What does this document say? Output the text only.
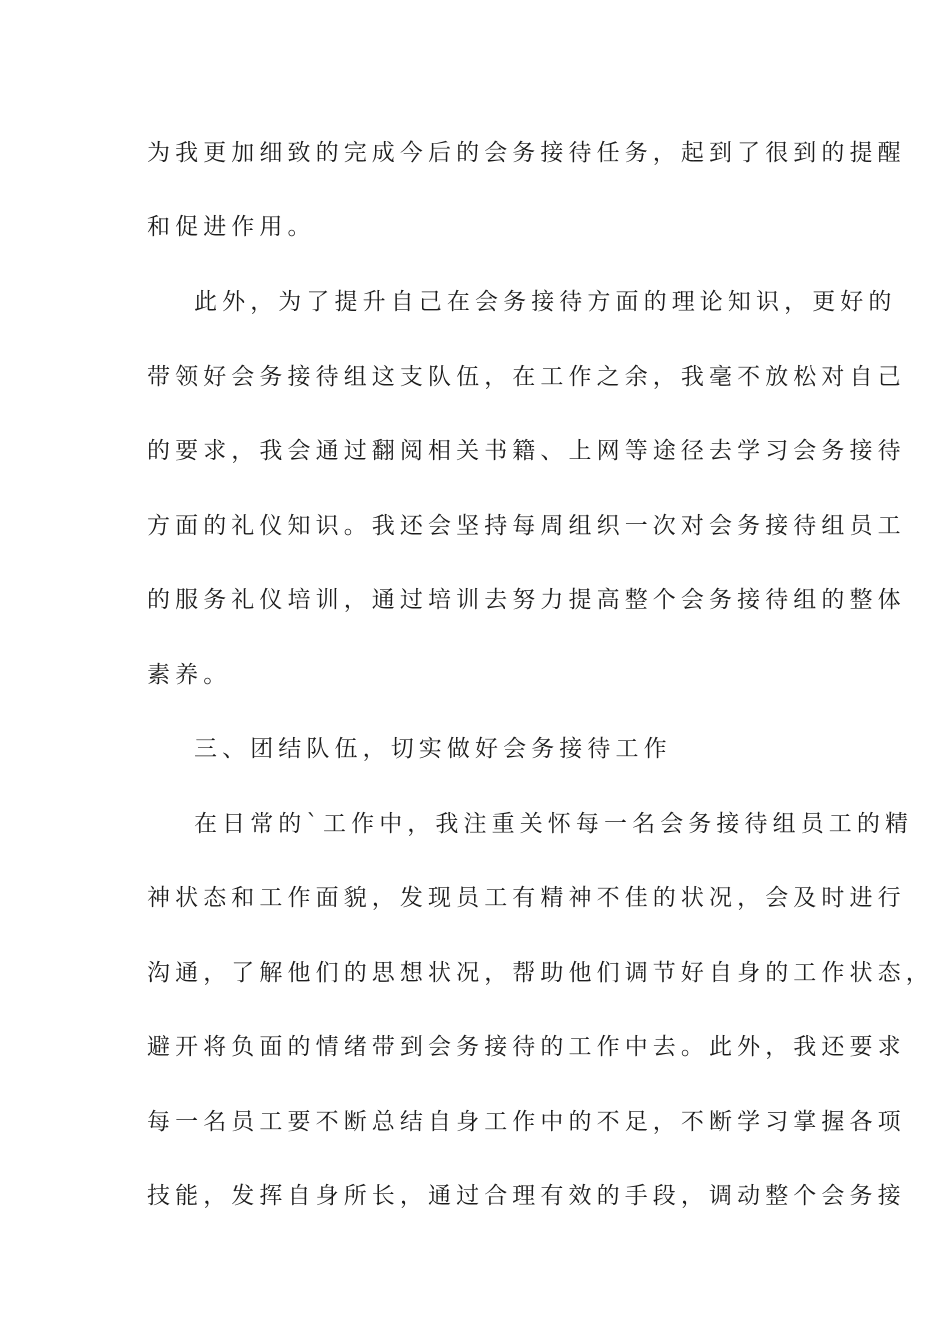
为我更加细致的完成今后的会务接待任务，起到了很到的提醒
和促进作用。
此外，为了提升自己在会务接待方面的理论知识，更好的
带领好会务接待组这支队伍，在工作之余，我毫不放松对自己
的要求，我会通过翻阅相关书籍、上网等途径去学习会务接待
方面的礼仪知识。我还会坚持每周组织一次对会务接待组员工
的服务礼仪培训，通过培训去努力提高整个会务接待组的整体
素养。
三、团结队伍，切实做好会务接待工作
在日常的`工作中，我注重关怀每一名会务接待组员工的精
神状态和工作面貌，发现员工有精神不佳的状况，会及时进行
沟通，了解他们的思想状况，帮助他们调节好自身的工作状态，
避开将负面的情绪带到会务接待的工作中去。此外，我还要求
每一名员工要不断总结自身工作中的不足，不断学习掌握各项
技能，发挥自身所长，通过合理有效的手段，调动整个会务接
